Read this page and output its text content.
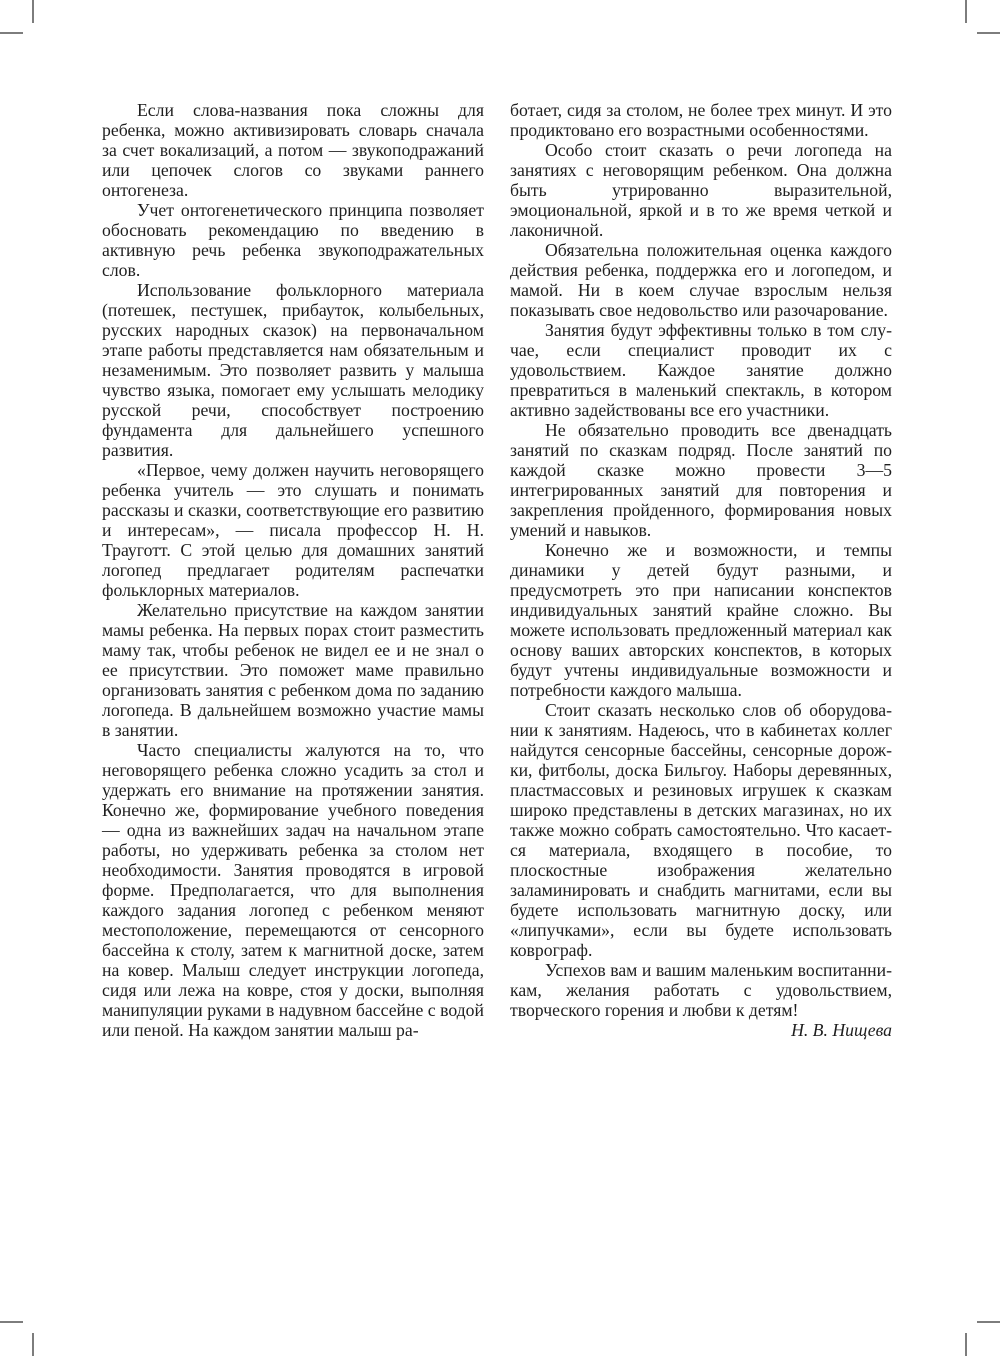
Если слова-названия пока сложны для ребенка, можно активизировать словарь сначала за счет вокализаций, а потом — звукоподражаний или цепочек слогов со звуками раннего онтогенеза.

Учет онтогенетического принципа позволяет обосновать рекомендацию по введению в активную речь ребенка звукоподражательных слов.

Использование фольклорного материала (потешек, пестушек, прибауток, колыбельных, русских народных сказок) на первоначальном этапе работы представляется нам обязательным и незаменимым. Это позволяет развить у малыша чувство языка, помогает ему услышать мелодику русской речи, способствует построению фундамента для дальнейшего успешного развития.

«Первое, чему должен научить неговорящего ребенка учитель — это слушать и понимать рассказы и сказки, соответствующие его развитию и интересам», — писала профессор Н. Н. Трауготт. С этой целью для домашних занятий логопед предлагает родителям распечатки фольклорных материалов.

Желательно присутствие на каждом занятии мамы ребенка. На первых порах стоит разместить маму так, чтобы ребенок не видел ее и не знал о ее присутствии. Это поможет маме правильно организовать занятия с ребенком дома по заданию логопеда. В дальнейшем возможно участие мамы в занятии.

Часто специалисты жалуются на то, что неговорящего ребенка сложно усадить за стол и удержать его внимание на протяжении занятия. Конечно же, формирование учебного поведения — одна из важнейших задач на начальном этапе работы, но удерживать ребенка за столом нет необходимости. Занятия проводятся в игровой форме. Предполагается, что для выполнения каждого задания логопед с ребенком меняют местоположение, перемещаются от сенсорного бассейна к столу, затем к магнитной доске, затем на ковер. Малыш следует инструкции логопеда, сидя или лежа на ковре, стоя у доски, выполняя манипуляции руками в надувном бассейне с водой или пеной. На каждом занятии малыш ра-

ботает, сидя за столом, не более трех минут. И это продиктовано его возрастными особенностями.

Особо стоит сказать о речи логопеда на занятиях с неговорящим ребенком. Она должна быть утрированно выразительной, эмоциональной, яркой и в то же время четкой и лаконичной.

Обязательна положительная оценка каждого действия ребенка, поддержка его и логопедом, и мамой. Ни в коем случае взрослым нельзя показывать свое недовольство или разочарование.

Занятия будут эффективны только в том случае, если специалист проводит их с удовольствием. Каждое занятие должно превратиться в маленький спектакль, в котором активно задействованы все его участники.

Не обязательно проводить все двенадцать занятий по сказкам подряд. После занятий по каждой сказке можно провести 3—5 интегрированных занятий для повторения и закрепления пройденного, формирования новых умений и навыков.

Конечно же и возможности, и темпы динамики у детей будут разными, и предусмотреть это при написании конспектов индивидуальных занятий крайне сложно. Вы можете использовать предложенный материал как основу ваших авторских конспектов, в которых будут учтены индивидуальные возможности и потребности каждого малыша.

Стоит сказать несколько слов об оборудовании к занятиям. Надеюсь, что в кабинетах коллег найдутся сенсорные бассейны, сенсорные дорожки, фитболы, доска Бильгоу. Наборы деревянных, пластмассовых и резиновых игрушек к сказкам широко представлены в детских магазинах, но их также можно собрать самостоятельно. Что касается материала, входящего в пособие, то плоскостные изображения желательно заламинировать и снабдить магнитами, если вы будете использовать магнитную доску, или «липучками», если вы будете использовать коврограф.

Успехов вам и вашим маленьким воспитанникам, желания работать с удовольствием, творческого горения и любви к детям!

Н. В. Нищева
